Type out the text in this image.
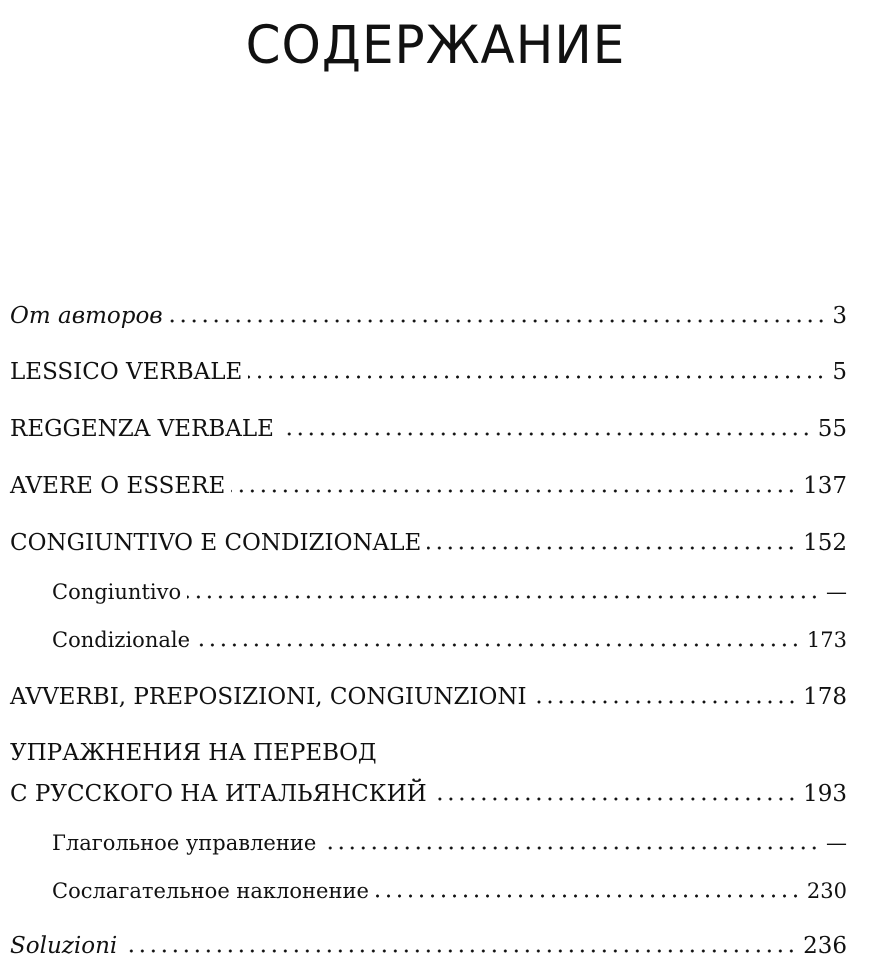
СОДЕРЖАНИЕ
От авторов	3
LESSICO VERBALE	5
REGGENZA VERBALE	55
AVERE O ESSERE	137
CONGIUNTIVO E CONDIZIONALE	152
Congiuntivo	—
Condizionale	173
AVVERBI, PREPOSIZIONI, CONGIUNZIONI	178
УПРАЖНЕНИЯ НА ПЕРЕВОД
С РУССКОГО НА ИТАЛЬЯНСКИЙ	193
Глагольное управление	—
Сослагательное наклонение	230
Soluzioni	236
